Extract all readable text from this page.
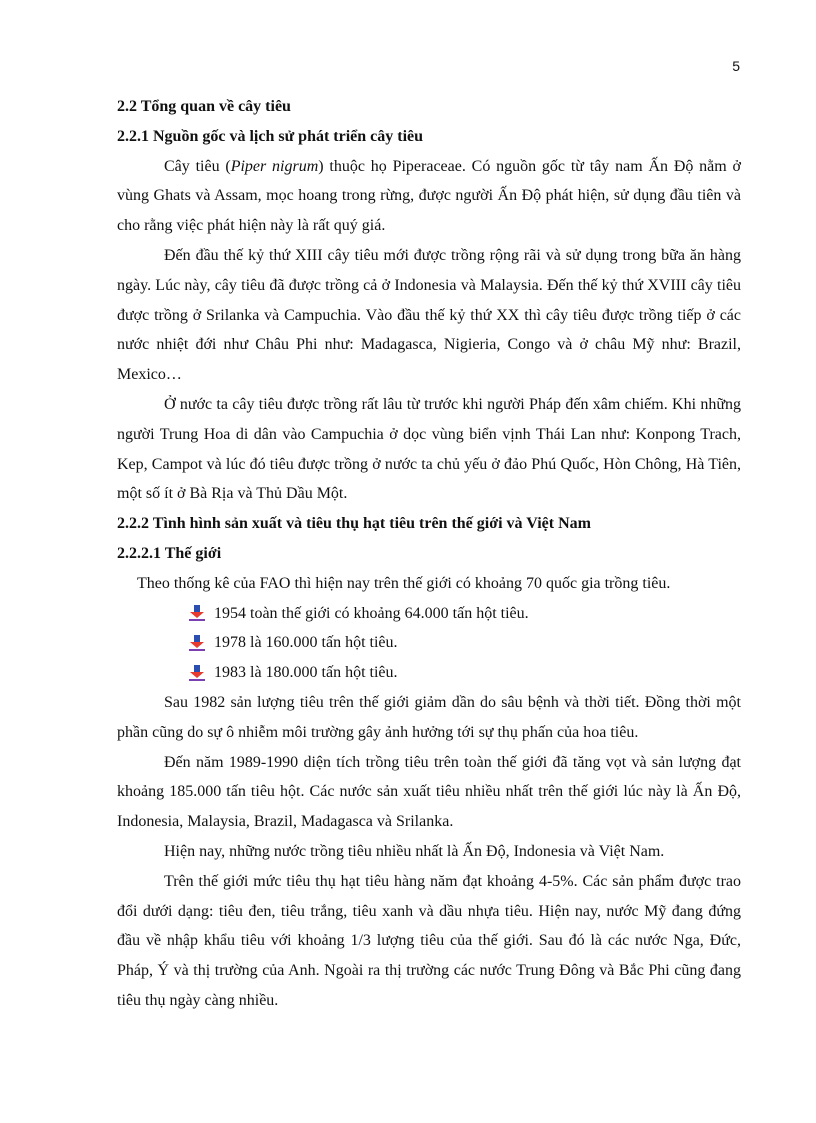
5

2.2 Tổng quan về cây tiêu

2.2.1 Nguồn gốc và lịch sử phát triển cây tiêu

Cây tiêu (Piper nigrum) thuộc họ Piperaceae. Có nguồn gốc từ tây nam Ấn Độ nằm ở vùng Ghats và Assam, mọc hoang trong rừng, được người Ấn Độ phát hiện, sử dụng đầu tiên và cho rằng việc phát hiện này là rất quý giá.

Đến đầu thế kỷ thứ XIII cây tiêu mới được trồng rộng rãi và sử dụng trong bữa ăn hàng ngày. Lúc này, cây tiêu đã được trồng cả ở Indonesia và Malaysia. Đến thế kỷ thứ XVIII cây tiêu được trồng ở Srilanka và Campuchia. Vào đầu thế kỷ thứ XX thì cây tiêu được trồng tiếp ở các nước nhiệt đới như Châu Phi như: Madagasca, Nigieria, Congo và ở châu Mỹ như: Brazil, Mexico…

Ở nước ta cây tiêu được trồng rất lâu từ trước khi người Pháp đến xâm chiếm. Khi những người Trung Hoa di dân vào Campuchia ở dọc vùng biển vịnh Thái Lan như: Konpong Trach, Kep, Campot và lúc đó tiêu được trồng ở nước ta chủ yếu ở đảo Phú Quốc, Hòn Chông, Hà Tiên, một số ít ở Bà Rịa và Thủ Dầu Một.

2.2.2 Tình hình sản xuất và tiêu thụ hạt tiêu trên thế giới và Việt Nam

2.2.2.1 Thế giới

Theo thống kê của FAO thì hiện nay trên thế giới có khoảng 70 quốc gia trồng tiêu.

1954 toàn thế giới có khoảng 64.000 tấn hột tiêu.

1978 là 160.000 tấn hột tiêu.

1983 là 180.000 tấn hột tiêu.

Sau 1982 sản lượng tiêu trên thế giới giảm dần do sâu bệnh và thời tiết. Đồng thời một phần cũng do sự ô nhiễm môi trường gây ảnh hưởng tới sự thụ phấn của hoa tiêu.

Đến năm 1989-1990 diện tích trồng tiêu trên toàn thế giới đã tăng vọt và sản lượng đạt khoảng 185.000 tấn tiêu hột. Các nước sản xuất tiêu nhiều nhất trên thế giới lúc này là Ấn Độ, Indonesia, Malaysia, Brazil, Madagasca và Srilanka.

Hiện nay, những nước trồng tiêu nhiều nhất là Ấn Độ, Indonesia và Việt Nam.

Trên thế giới mức tiêu thụ hạt tiêu hàng năm đạt khoảng 4-5%. Các sản phẩm được trao đổi dưới dạng: tiêu đen, tiêu trắng, tiêu xanh và dầu nhựa tiêu. Hiện nay, nước Mỹ đang đứng đầu về nhập khẩu tiêu với khoảng 1/3 lượng tiêu của thế giới. Sau đó là các nước Nga, Đức, Pháp, Ý và thị trường của Anh. Ngoài ra thị trường các nước Trung Đông và Bắc Phi cũng đang tiêu thụ ngày càng nhiều.
